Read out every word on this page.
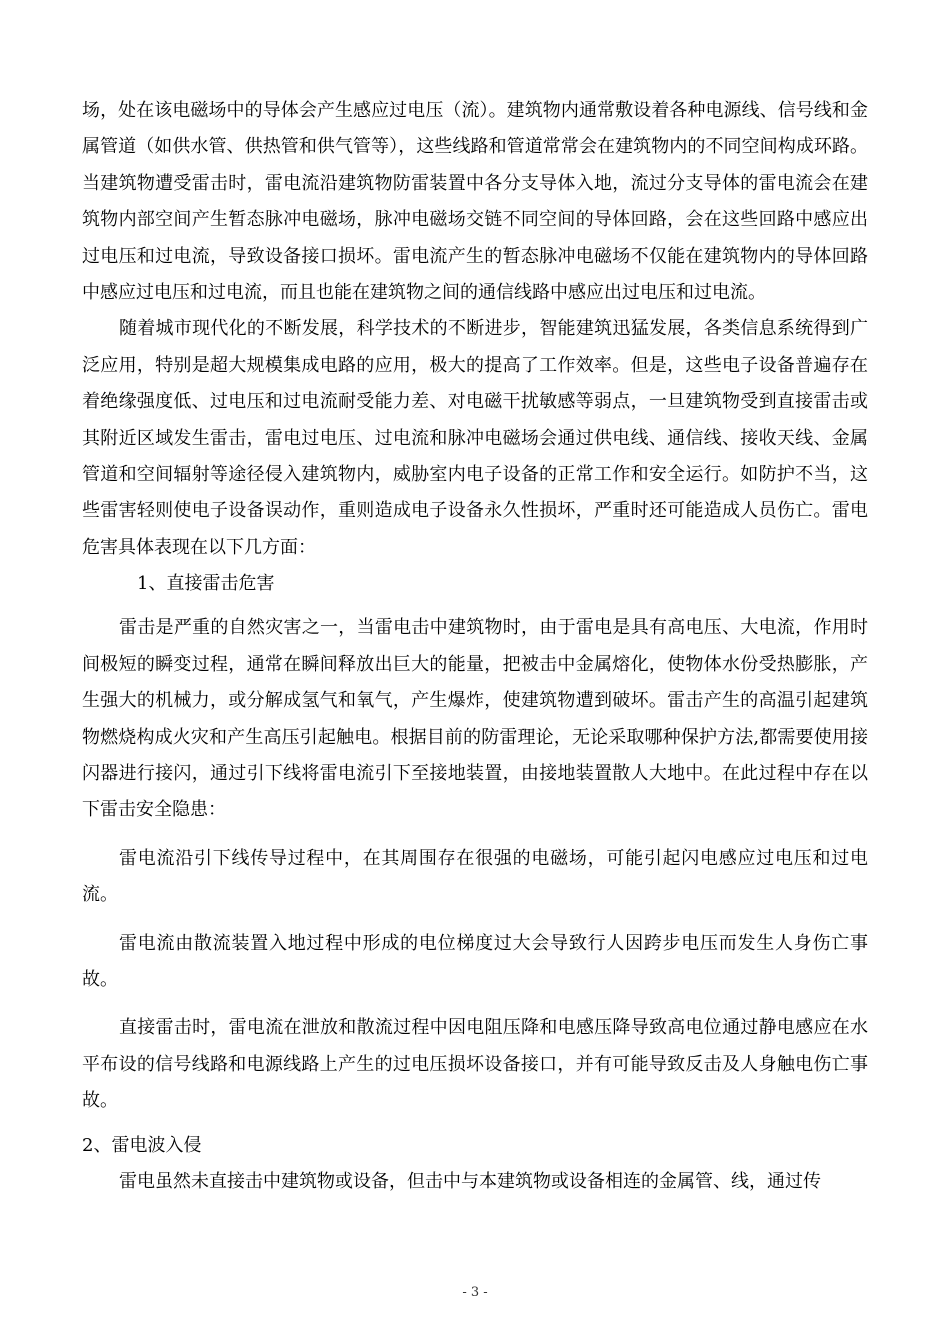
场，处在该电磁场中的导体会产生感应过电压（流）。建筑物内通常敷设着各种电源线、信号线和金属管道（如供水管、供热管和供气管等），这些线路和管道常常会在建筑物内的不同空间构成环路。当建筑物遭受雷击时，雷电流沿建筑物防雷装置中各分支导体入地，流过分支导体的雷电流会在建筑物内部空间产生暂态脉冲电磁场，脉冲电磁场交链不同空间的导体回路，会在这些回路中感应出过电压和过电流，导致设备接口损坏。雷电流产生的暂态脉冲电磁场不仅能在建筑物内的导体回路中感应过电压和过电流，而且也能在建筑物之间的通信线路中感应出过电压和过电流。

随着城市现代化的不断发展，科学技术的不断进步，智能建筑迅猛发展，各类信息系统得到广泛应用，特别是超大规模集成电路的应用，极大的提高了工作效率。但是，这些电子设备普遍存在着绝缘强度低、过电压和过电流耐受能力差、对电磁干扰敏感等弱点，一旦建筑物受到直接雷击或其附近区域发生雷击，雷电过电压、过电流和脉冲电磁场会通过供电线、通信线、接收天线、金属管道和空间辐射等途径侵入建筑物内，威胁室内电子设备的正常工作和安全运行。如防护不当，这些雷害轻则使电子设备误动作，重则造成电子设备永久性损坏，严重时还可能造成人员伤亡。雷电危害具体表现在以下几方面：

1、直接雷击危害

雷击是严重的自然灾害之一，当雷电击中建筑物时，由于雷电是具有高电压、大电流，作用时间极短的瞬变过程，通常在瞬间释放出巨大的能量，把被击中金属熔化，使物体水份受热膨胀，产生强大的机械力，或分解成氢气和氧气，产生爆炸，使建筑物遭到破坏。雷击产生的高温引起建筑物燃烧构成火灾和产生高压引起触电。根据目前的防雷理论，无论采取哪种保护方法,都需要使用接闪器进行接闪，通过引下线将雷电流引下至接地装置，由接地装置散人大地中。在此过程中存在以下雷击安全隐患：

雷电流沿引下线传导过程中，在其周围存在很强的电磁场，可能引起闪电感应过电压和过电流。

雷电流由散流装置入地过程中形成的电位梯度过大会导致行人因跨步电压而发生人身伤亡事故。

直接雷击时，雷电流在泄放和散流过程中因电阻压降和电感压降导致高电位通过静电感应在水平布设的信号线路和电源线路上产生的过电压损坏设备接口，并有可能导致反击及人身触电伤亡事故。

2、雷电波入侵

雷电虽然未直接击中建筑物或设备，但击中与本建筑物或设备相连的金属管、线，通过传

- 3 -
